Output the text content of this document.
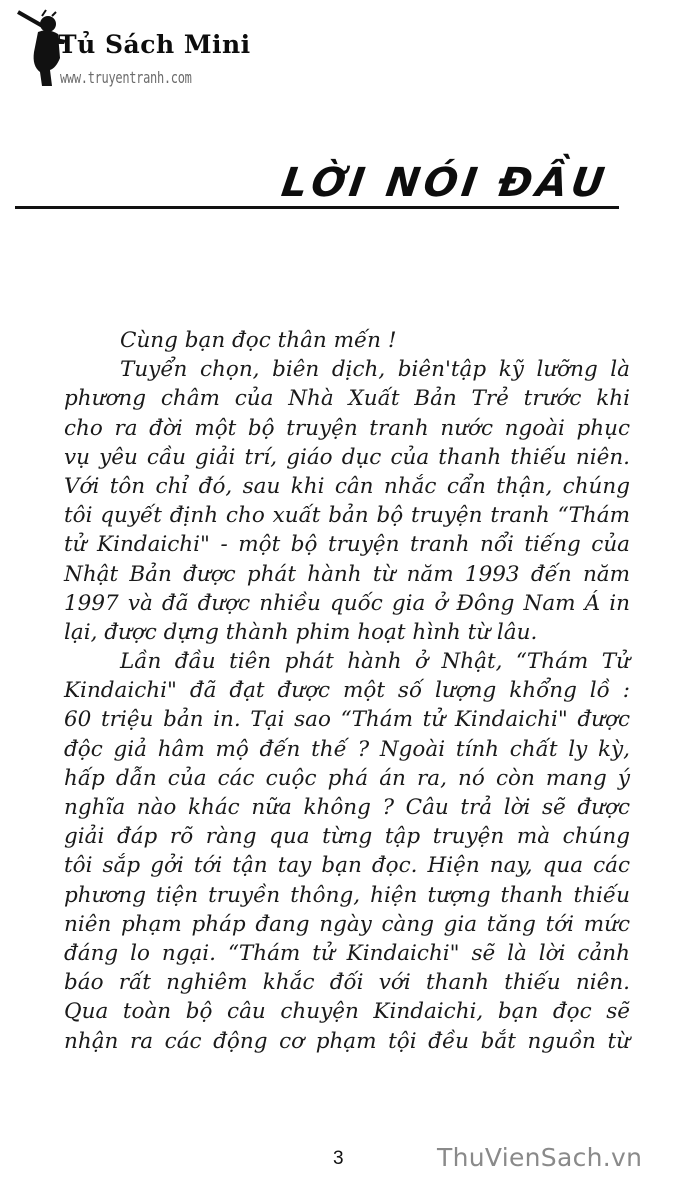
Tủ Sách Mini
www.truyentranh.com
LỜI NÓI ĐẦU
Cùng bạn đọc thân mến !
Tuyển chọn, biên dịch, biên'tập kỹ lưỡng là
phương châm của Nhà Xuất Bản Trẻ trước khi
cho ra đời một bộ truyện tranh nước ngoài phục
vụ yêu cầu giải trí, giáo dục của thanh thiếu niên.
Với tôn chỉ đó, sau khi cân nhắc cẩn thận, chúng
tôi quyết định cho xuất bản bộ truyện tranh “Thám
tử Kindaichi" - một bộ truyện tranh nổi tiếng của
Nhật Bản được phát hành từ năm 1993 đến năm
1997 và đã được nhiều quốc gia ở Đông Nam Á in
lại, được dựng thành phim hoạt hình từ lâu.
Lần đầu tiên phát hành ở Nhật, “Thám Tử
Kindaichi" đã đạt được một số lượng khổng lồ :
60 triệu bản in. Tại sao “Thám tử Kindaichi" được
độc giả hâm mộ đến thế ? Ngoài tính chất ly kỳ,
hấp dẫn của các cuộc phá án ra, nó còn mang ý
nghĩa nào khác nữa không ? Câu trả lời sẽ được
giải đáp rõ ràng qua từng tập truyện mà chúng
tôi sắp gởi tới tận tay bạn đọc. Hiện nay, qua các
phương tiện truyền thông, hiện tượng thanh thiếu
niên phạm pháp đang ngày càng gia tăng tới mức
đáng lo ngại. “Thám tử Kindaichi" sẽ là lời cảnh
báo rất nghiêm khắc đối với thanh thiếu niên.
Qua toàn bộ câu chuyện Kindaichi, bạn đọc sẽ
nhận ra các động cơ phạm tội đều bắt nguồn từ
3	ThuVienSach.vn
